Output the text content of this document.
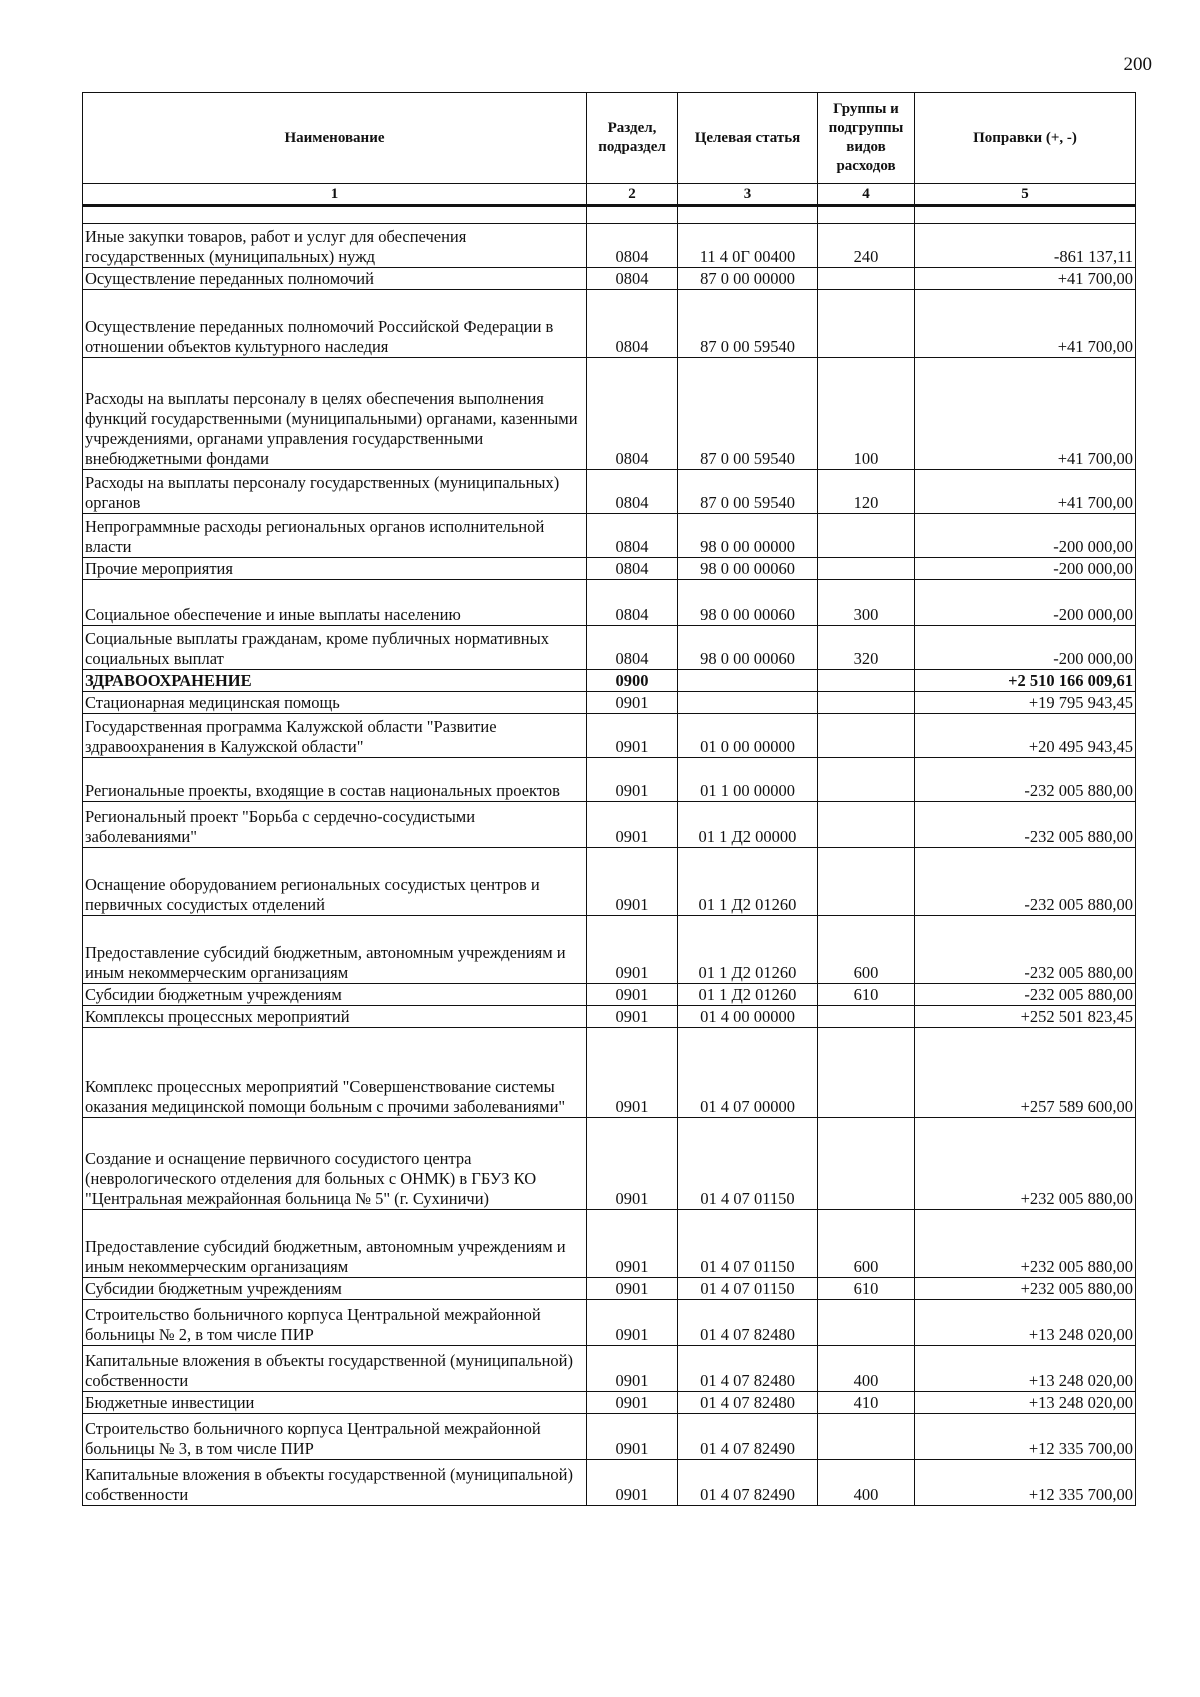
200
Наименование	Раздел, подраздел	Целевая статья	Группы и подгруппы видов расходов	Поправки (+, -)
1	2	3	4	5

Иные закупки товаров, работ и услуг для обеспечения государственных (муниципальных) нужд	0804	11 4 0Г 00400	240	-861 137,11
Осуществление переданных полномочий	0804	87 0 00 00000		+41 700,00
Осуществление переданных полномочий Российской Федерации в отношении объектов культурного наследия	0804	87 0 00 59540		+41 700,00
Расходы на выплаты персоналу в целях обеспечения выполнения функций государственными (муниципальными) органами, казенными учреждениями, органами управления государственными внебюджетными фондами	0804	87 0 00 59540	100	+41 700,00
Расходы на выплаты персоналу государственных (муниципальных) органов	0804	87 0 00 59540	120	+41 700,00
Непрограммные расходы региональных органов исполнительной власти	0804	98 0 00 00000		-200 000,00
Прочие мероприятия	0804	98 0 00 00060		-200 000,00
Социальное обеспечение и иные выплаты населению	0804	98 0 00 00060	300	-200 000,00
Социальные выплаты гражданам, кроме публичных нормативных социальных выплат	0804	98 0 00 00060	320	-200 000,00
ЗДРАВООХРАНЕНИЕ	0900			+2 510 166 009,61
Стационарная медицинская помощь	0901			+19 795 943,45
Государственная программа Калужской области "Развитие здравоохранения в Калужской области"	0901	01 0 00 00000		+20 495 943,45
Региональные проекты, входящие в состав национальных проектов	0901	01 1 00 00000		-232 005 880,00
Региональный проект "Борьба с сердечно-сосудистыми заболеваниями"	0901	01 1 Д2 00000		-232 005 880,00
Оснащение оборудованием региональных сосудистых центров и первичных сосудистых отделений	0901	01 1 Д2 01260		-232 005 880,00
Предоставление субсидий бюджетным, автономным учреждениям и иным некоммерческим организациям	0901	01 1 Д2 01260	600	-232 005 880,00
Субсидии бюджетным учреждениям	0901	01 1 Д2 01260	610	-232 005 880,00
Комплексы процессных мероприятий	0901	01 4 00 00000		+252 501 823,45
Комплекс процессных мероприятий "Совершенствование системы оказания медицинской помощи больным с прочими заболеваниями"	0901	01 4 07 00000		+257 589 600,00
Создание и оснащение первичного сосудистого центра (неврологического отделения для больных с ОНМК) в ГБУЗ КО "Центральная межрайонная больница № 5" (г. Сухиничи)	0901	01 4 07 01150		+232 005 880,00
Предоставление субсидий бюджетным, автономным учреждениям и иным некоммерческим организациям	0901	01 4 07 01150	600	+232 005 880,00
Субсидии бюджетным учреждениям	0901	01 4 07 01150	610	+232 005 880,00
Строительство больничного корпуса Центральной межрайонной больницы № 2, в том числе ПИР	0901	01 4 07 82480		+13 248 020,00
Капитальные вложения в объекты государственной (муниципальной) собственности	0901	01 4 07 82480	400	+13 248 020,00
Бюджетные инвестиции	0901	01 4 07 82480	410	+13 248 020,00
Строительство больничного корпуса Центральной межрайонной больницы № 3, в том числе ПИР	0901	01 4 07 82490		+12 335 700,00
Капитальные вложения в объекты государственной (муниципальной) собственности	0901	01 4 07 82490	400	+12 335 700,00
